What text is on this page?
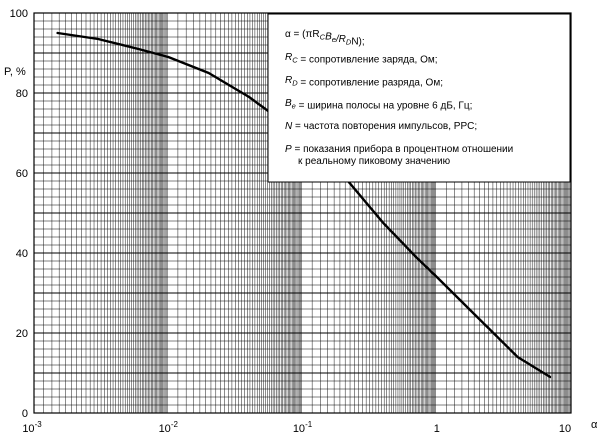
$\alpha = (\pi R_CB_e/R_DN)$;
$R_C$ = сопротивление заряда, Ом;
$R_D$ = сопротивление разряда, Ом;
$B_e$ = ширина полосы на уровне 6 дБ, Гц;
N = частота повторения импульсов, PPC;
P = показания прибора в процентном отношении
к реальному пиковому значению
P, %
α
0
20
40
60
80
100
$10^{-3}$	$10^{-2}$	$10^{-1}$	1	10
